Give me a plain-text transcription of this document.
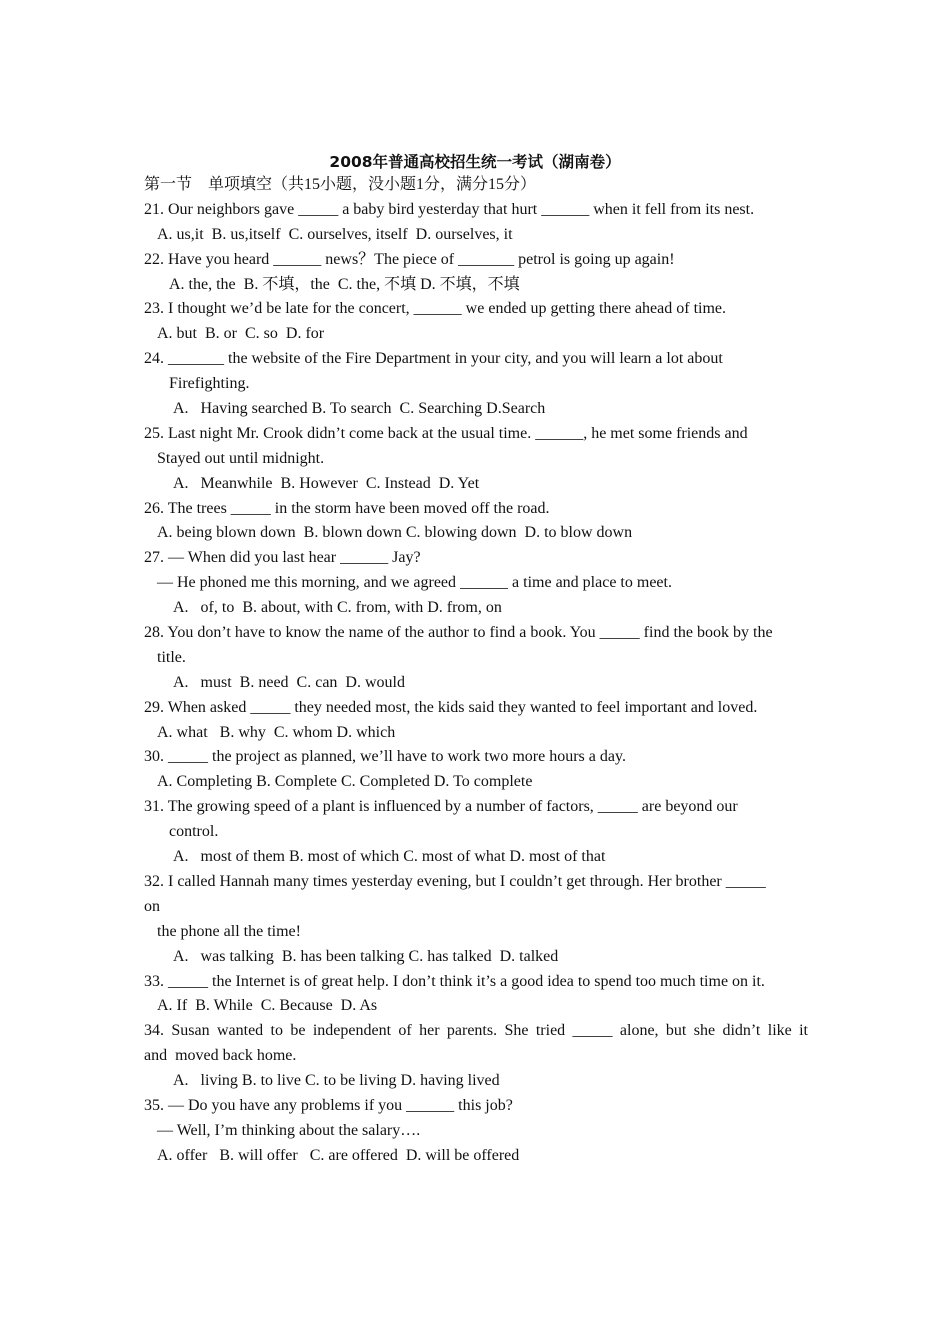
2008年普通高校招生统一考试（湖南卷）
第一节　单项填空（共15小题，没小题1分，满分15分）
21. Our neighbors gave _____ a baby bird yesterday that hurt ______ when it fell from its nest.
A. us,it  B. us,itself  C. ourselves, itself  D. ourselves, it
22. Have you heard ______ news？The piece of _______ petrol is going up again!
A. the, the  B. 不填，the  C. the, 不填 D. 不填，不填
23. I thought we’d be late for the concert, ______ we ended up getting there ahead of time.
A. but  B. or  C. so  D. for
24. _______ the website of the Fire Department in your city, and you will learn a lot about
Firefighting.
A.   Having searched B. To search  C. Searching D.Search
25. Last night Mr. Crook didn’t come back at the usual time. ______, he met some friends and
Stayed out until midnight.
A.   Meanwhile  B. However  C. Instead  D. Yet
26. The trees _____ in the storm have been moved off the road.
A. being blown down  B. blown down C. blowing down  D. to blow down
27. — When did you last hear ______ Jay?
— He phoned me this morning, and we agreed ______ a time and place to meet.
A.   of, to  B. about, with C. from, with D. from, on
28. You don’t have to know the name of the author to find a book. You _____ find the book by the
title.
A.   must  B. need  C. can  D. would
29. When asked _____ they needed most, the kids said they wanted to feel important and loved.
A. what   B. why  C. whom D. which
30. _____ the project as planned, we’ll have to work two more hours a day.
A. Completing B. Complete C. Completed D. To complete
31. The growing speed of a plant is influenced by a number of factors, _____ are beyond our
control.
A.   most of them B. most of which C. most of what D. most of that
32. I called Hannah many times yesterday evening, but I couldn’t get through. Her brother _____
on
the phone all the time!
A.   was talking  B. has been talking C. has talked  D. talked
33. _____ the Internet is of great help. I don’t think it’s a good idea to spend too much time on it.
A. If  B. While  C. Because  D. As
34. Susan wanted to be independent of her parents. She tried _____ alone, but she didn’t like it
and  moved back home.
A.   living B. to live C. to be living D. having lived
35. — Do you have any problems if you ______ this job?
— Well, I’m thinking about the salary….
A. offer   B. will offer   C. are offered  D. will be offered
